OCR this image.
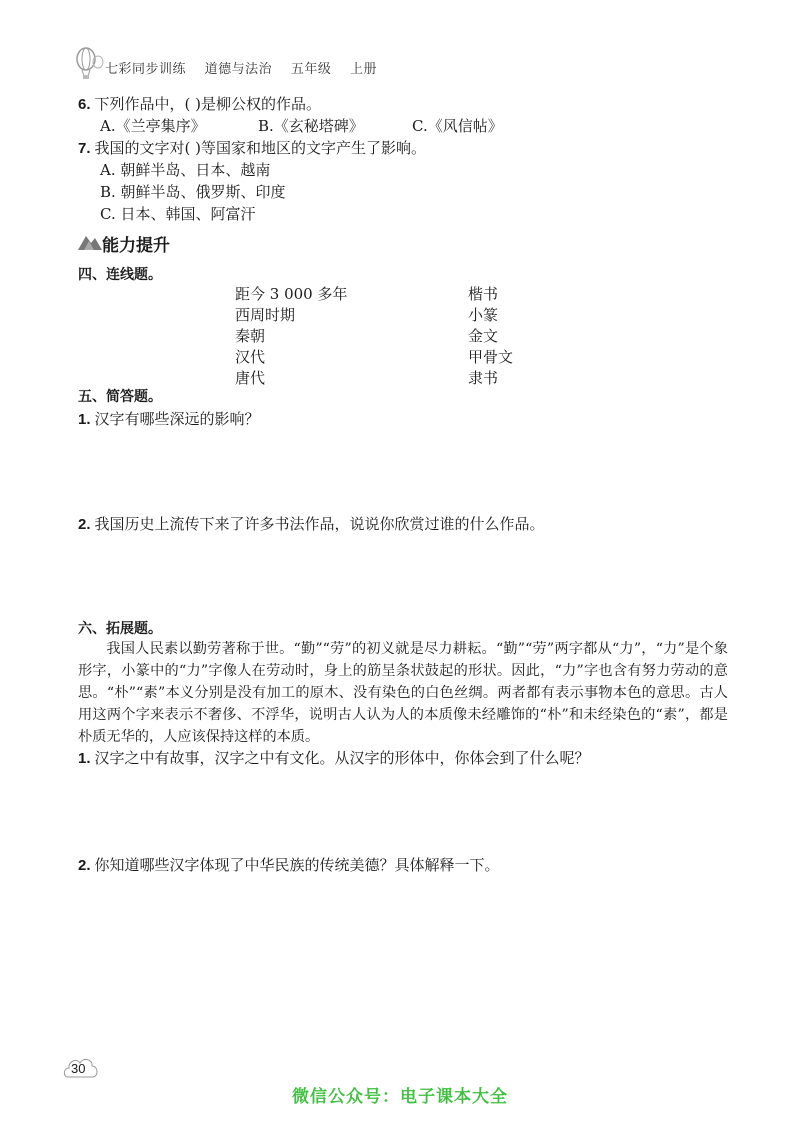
七彩同步训练 道德与法治 五年级 上册
6. 下列作品中，( )是柳公权的作品。
A.《兰亭集序》	B.《玄秘塔碑》	C.《风信帖》
7. 我国的文字对( )等国家和地区的文字产生了影响。
A. 朝鲜半岛、日本、越南
B. 朝鲜半岛、俄罗斯、印度
C. 日本、韩国、阿富汗
能力提升
四、连线题。
距今 3 000 多年
西周时期
秦朝
汉代
唐代
楷书
小篆
金文
甲骨文
隶书
五、简答题。
1. 汉字有哪些深远的影响？
2. 我国历史上流传下来了许多书法作品，说说你欣赏过谁的什么作品。
六、拓展题。
我国人民素以勤劳著称于世。“勤”“劳”的初义就是尽力耕耘。“勤”“劳”两字都从“力”，“力”是个象形字，小篆中的“力”字像人在劳动时，身上的筋呈条状鼓起的形状。因此，“力”字也含有努力劳动的意思。“朴”“素”本义分别是没有加工的原木、没有染色的白色丝绸。两者都有表示事物本色的意思。古人用这两个字来表示不奢侈、不浮华，说明古人认为人的本质像未经雕饰的“朴”和未经染色的“素”，都是朴质无华的，人应该保持这样的本质。
1. 汉字之中有故事，汉字之中有文化。从汉字的形体中，你体会到了什么呢？
2. 你知道哪些汉字体现了中华民族的传统美德？具体解释一下。
30
微信公众号：电子课本大全
